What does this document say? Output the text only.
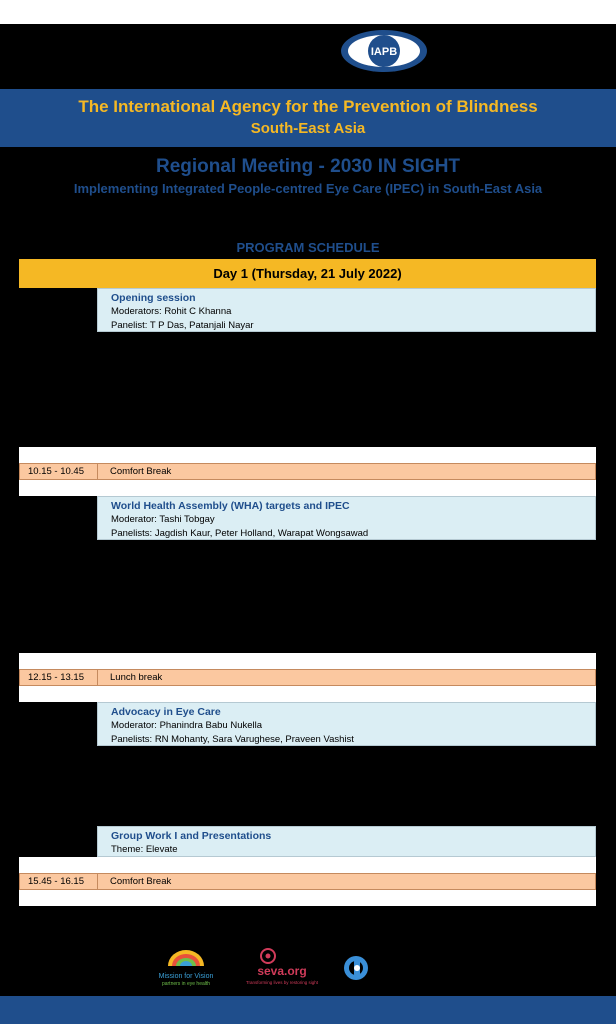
IAPB
The International Agency for the Prevention of Blindness
South-East Asia
Regional Meeting - 2030 IN SIGHT
Implementing Integrated People-centred Eye Care (IPEC) in South-East Asia
PROGRAM SCHEDULE
Day 1 (Thursday, 21 July 2022)
Opening session
Moderators: Rohit C Khanna
Panelist: T P Das, Patanjali Nayar
10.15 - 10.45	Comfort Break
World Health Assembly (WHA) targets and IPEC
Moderator: Tashi Tobgay
Panelists: Jagdish Kaur, Peter Holland, Warapat Wongsawad
12.15 - 13.15	Lunch break
Advocacy in Eye Care
Moderator: Phanindra Babu Nukella
Panelists: RN Mohanty, Sara Varughese, Praveen Vashist
Group Work I and Presentations
Theme: Elevate
15.45 - 16.15	Comfort Break
Mission for Vision
partners in eye health
seva.org
Transforming lives by restoring sight
